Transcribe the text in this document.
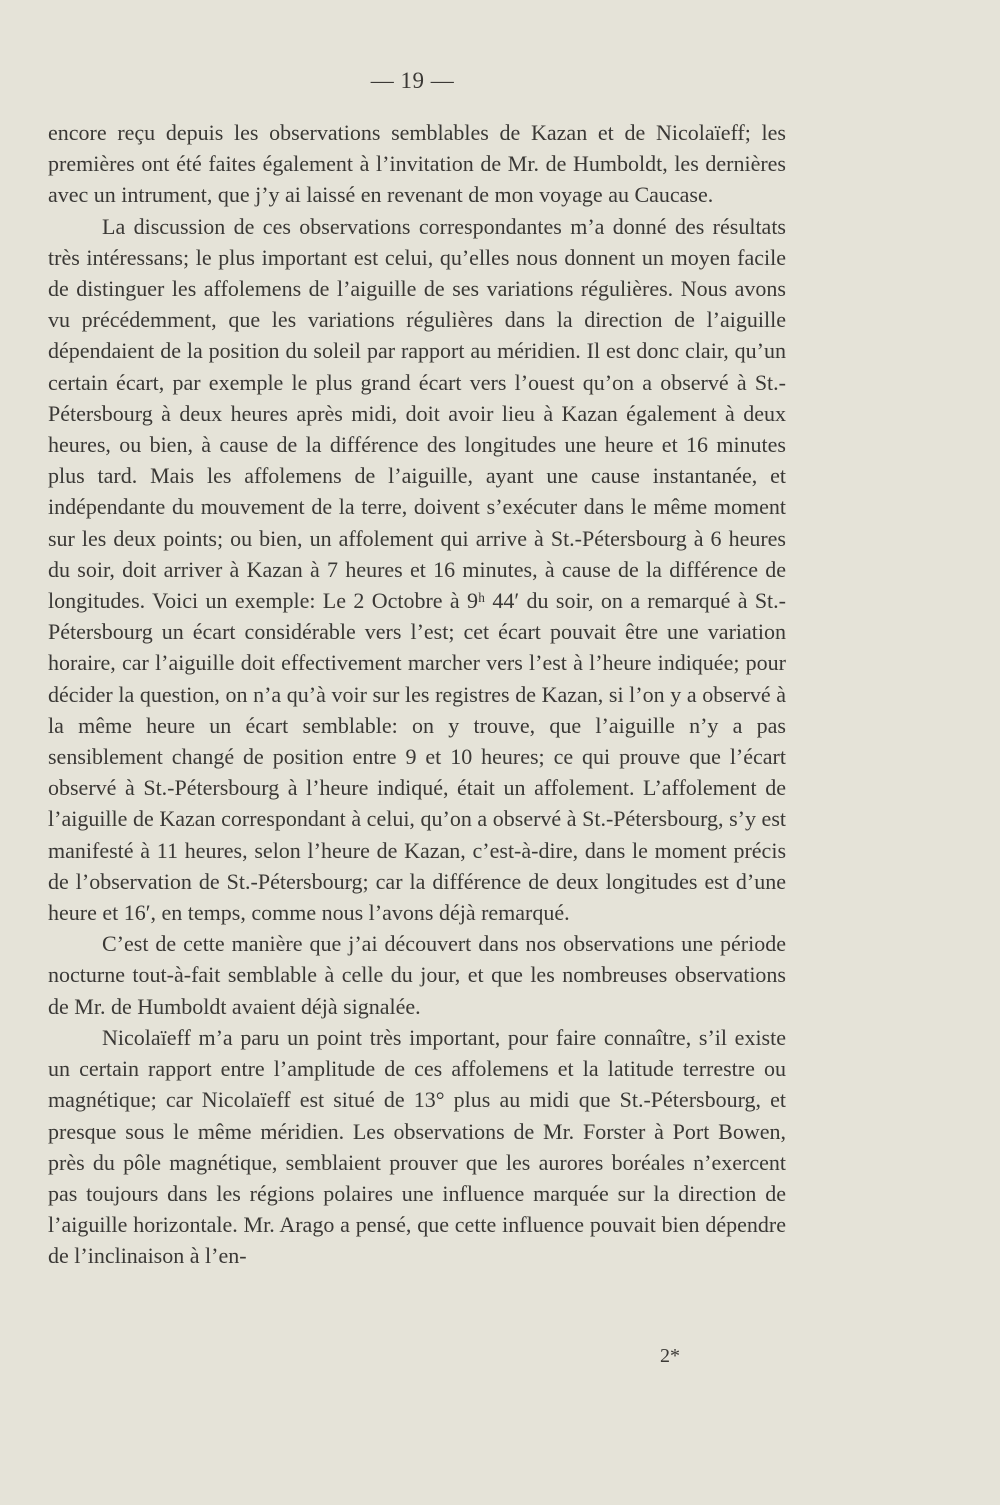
— 19 —

encore reçu depuis les observations semblables de Kazan et de Nicolaïeff; les premières ont été faites également à l’invitation de Mr. de Humboldt, les dernières avec un intrument, que j’y ai laissé en revenant de mon voyage au Caucase.

La discussion de ces observations correspondantes m’a donné des résultats très intéressans; le plus important est celui, qu’elles nous donnent un moyen facile de distinguer les affolemens de l’aiguille de ses variations régulières. Nous avons vu précédemment, que les variations régulières dans la direction de l’aiguille dépendaient de la position du soleil par rapport au méridien. Il est donc clair, qu’un certain écart, par exemple le plus grand écart vers l’ouest qu’on a observé à St.-Pétersbourg à deux heures après midi, doit avoir lieu à Kazan également à deux heures, ou bien, à cause de la différence des longitudes une heure et 16 minutes plus tard. Mais les affolemens de l’aiguille, ayant une cause instantanée, et indépendante du mouvement de la terre, doivent s’exécuter dans le même moment sur les deux points; ou bien, un affolement qui arrive à St.-Pétersbourg à 6 heures du soir, doit arriver à Kazan à 7 heures et 16 minutes, à cause de la différence de longitudes. Voici un exemple: Le 2 Octobre à 9ʰ 44′ du soir, on a remarqué à St.-Pétersbourg un écart considérable vers l’est; cet écart pouvait être une variation horaire, car l’aiguille doit effectivement marcher vers l’est à l’heure indiquée; pour décider la question, on n’a qu’à voir sur les registres de Kazan, si l’on y a observé à la même heure un écart semblable: on y trouve, que l’aiguille n’y a pas sensiblement changé de position entre 9 et 10 heures; ce qui prouve que l’écart observé à St.-Pétersbourg à l’heure indiqué, était un affolement. L’affolement de l’aiguille de Kazan correspondant à celui, qu’on a observé à St.-Pétersbourg, s’y est manifesté à 11 heures, selon l’heure de Kazan, c’est-à-dire, dans le moment précis de l’observation de St.-Pétersbourg; car la différence de deux longitudes est d’une heure et 16′, en temps, comme nous l’avons déjà remarqué.

C’est de cette manière que j’ai découvert dans nos observations une période nocturne tout-à-fait semblable à celle du jour, et que les nombreuses observations de Mr. de Humboldt avaient déjà signalée.

Nicolaïeff m’a paru un point très important, pour faire connaître, s’il existe un certain rapport entre l’amplitude de ces affolemens et la latitude terrestre ou magnétique; car Nicolaïeff est situé de 13° plus au midi que St.-Pétersbourg, et presque sous le même méridien. Les observations de Mr. Forster à Port Bowen, près du pôle magnétique, semblaient prouver que les aurores boréales n’exercent pas toujours dans les régions polaires une influence marquée sur la direction de l’aiguille horizontale. Mr. Arago a pensé, que cette influence pouvait bien dépendre de l’inclinaison à l’en-

2*
